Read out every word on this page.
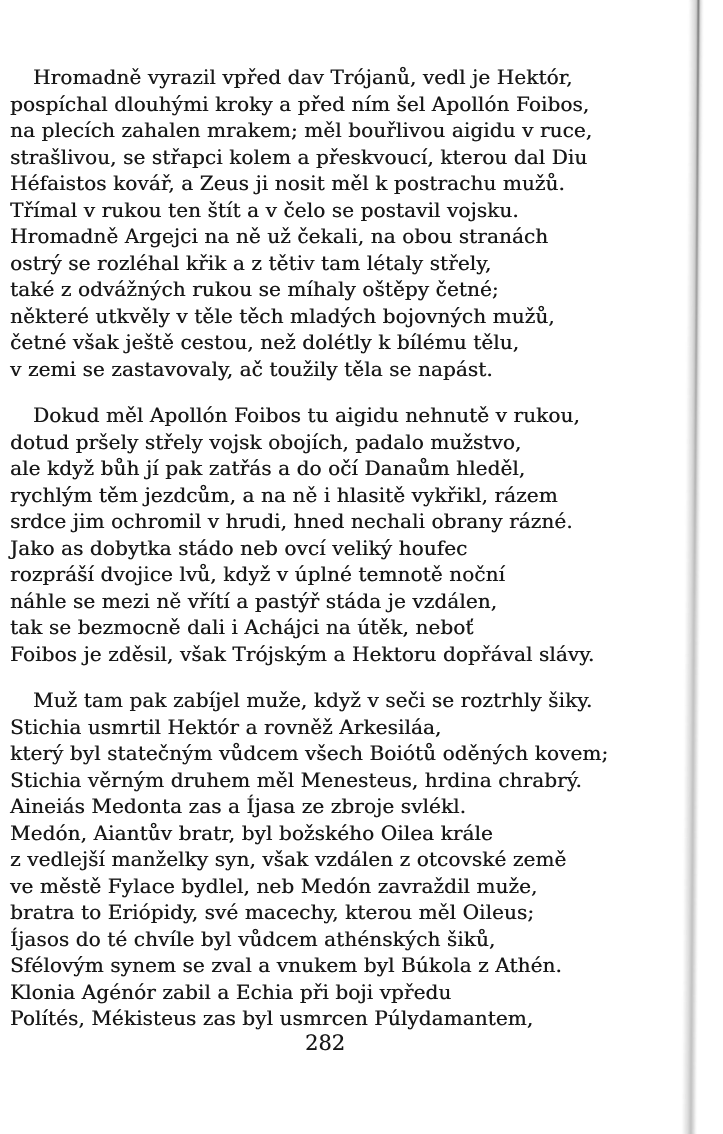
Hromadně vyrazil vpřed dav Trójanů, vedl je Hektór,
pospíchal dlouhými kroky a před ním šel Apollón Foibos,
na plecích zahalen mrakem; měl bouřlivou aigidu v ruce,
strašlivou, se střapci kolem a přeskvoucí, kterou dal Diu
Héfaistos kovář, a Zeus ji nosit měl k postrachu mužů.
Třímal v rukou ten štít a v čelo se postavil vojsku.
Hromadně Argejci na ně už čekali, na obou stranách
ostrý se rozléhal křik a z tětiv tam létaly střely,
také z odvážných rukou se míhaly oštěpy četné;
některé utkvěly v těle těch mladých bojovných mužů,
četné však ještě cestou, než dolétly k bílému tělu,
v zemi se zastavovaly, ač toužily těla se napást.
Dokud měl Apollón Foibos tu aigidu nehnutě v rukou,
dotud pršely střely vojsk obojích, padalo mužstvo,
ale když bůh jí pak zatřás a do očí Danaům hleděl,
rychlým těm jezdcům, a na ně i hlasitě vykřikl, rázem
srdce jim ochromil v hrudi, hned nechali obrany rázné.
Jako as dobytka stádo neb ovcí veliký houfec
rozpráší dvojice lvů, když v úplné temnotě noční
náhle se mezi ně vřítí a pastýř stáda je vzdálen,
tak se bezmocně dali i Achájci na útěk, neboť
Foibos je zděsil, však Trójským a Hektoru dopřával slávy.
Muž tam pak zabíjel muže, když v seči se roztrhly šiky.
Stichia usmrtil Hektór a rovněž Arkesiláa,
který byl statečným vůdcem všech Boiótů oděných kovem;
Stichia věrným druhem měl Menesteus, hrdina chrabrý.
Aineiás Medonta zas a Íjasa ze zbroje svlékl.
Medón, Aiantův bratr, byl božského Oilea krále
z vedlejší manželky syn, však vzdálen z otcovské země
ve městě Fylace bydlel, neb Medón zavraždil muže,
bratra to Eriópidy, své macechy, kterou měl Oileus;
Íjasos do té chvíle byl vůdcem athénských šiků,
Sfélovým synem se zval a vnukem byl Búkola z Athén.
Klonia Agénór zabil a Echia při boji vpředu
Polítés, Mékisteus zas byl usmrcen Púlydamantem,
282
